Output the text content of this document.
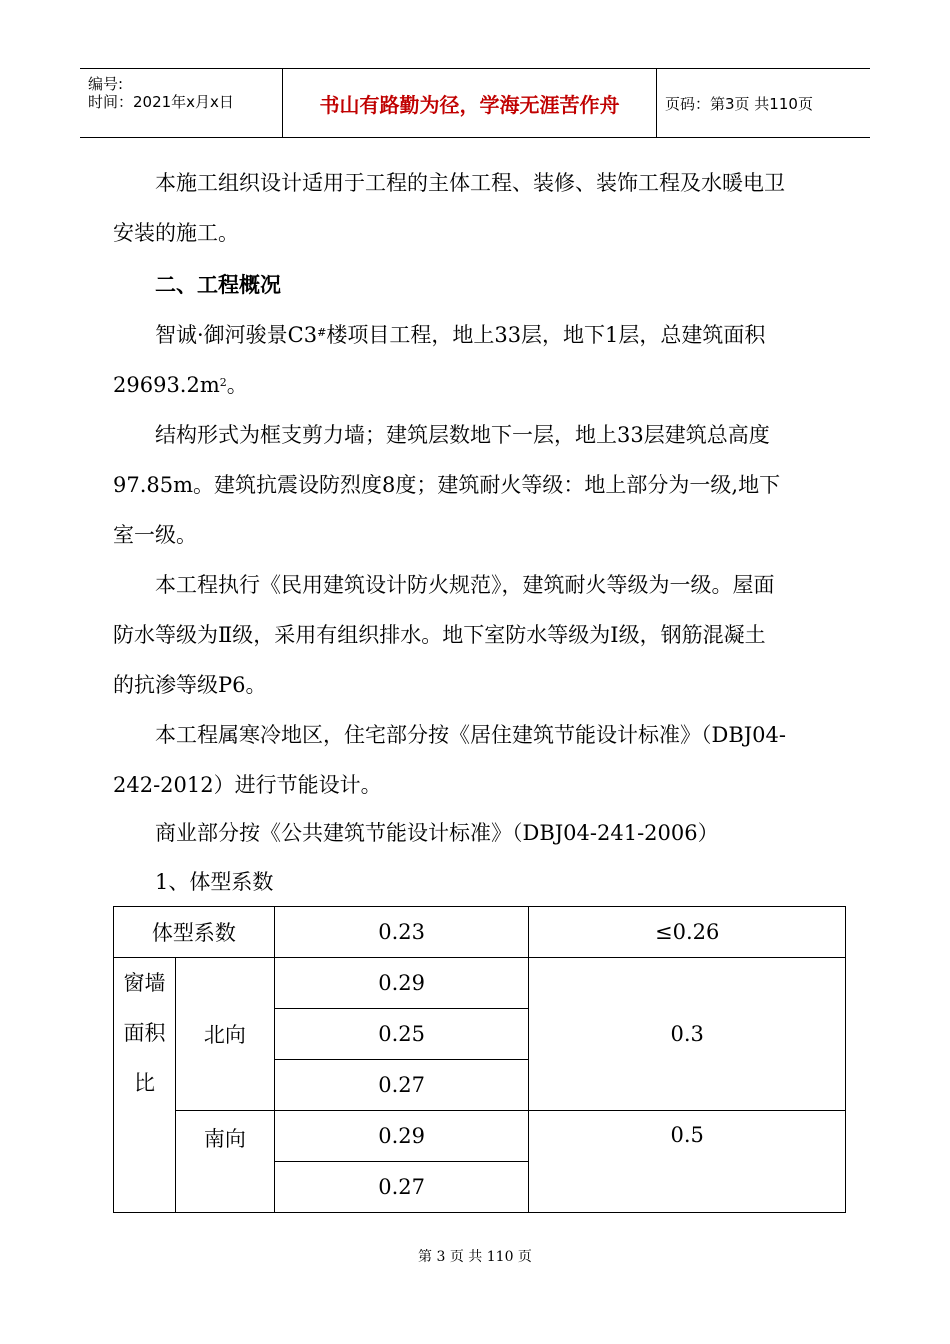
编号:
时间：2021年x月x日	书山有路勤为径，学海无涯苦作舟	页码：第3页 共110页

本施工组织设计适用于工程的主体工程、装修、装饰工程及水暖电卫

安装的施工。

二、工程概况

智诚·御河骏景C3#楼项目工程，地上33层，地下1层，总建筑面积

$29693.2m^2$。

结构形式为框支剪力墙；建筑层数地下一层，地上33层建筑总高度

97.85m。建筑抗震设防烈度8度；建筑耐火等级：地上部分为一级,地下

室一级。

本工程执行《民用建筑设计防火规范》，建筑耐火等级为一级。屋面

防水等级为Ⅱ级，采用有组织排水。地下室防水等级为Ⅰ级，钢筋混凝土

的抗渗等级P6。

本工程属寒冷地区，住宅部分按《居住建筑节能设计标准》（DBJ04-

242-2012）进行节能设计。

商业部分按《公共建筑节能设计标准》（DBJ04-241-2006）

1、体型系数

体型系数		0.23	≤0.26

窗墙
面积
比	北向	0.29	0.3
		0.25	
		0.27	
	南向	0.29	0.5
		0.27	
第 3 页 共 110 页
